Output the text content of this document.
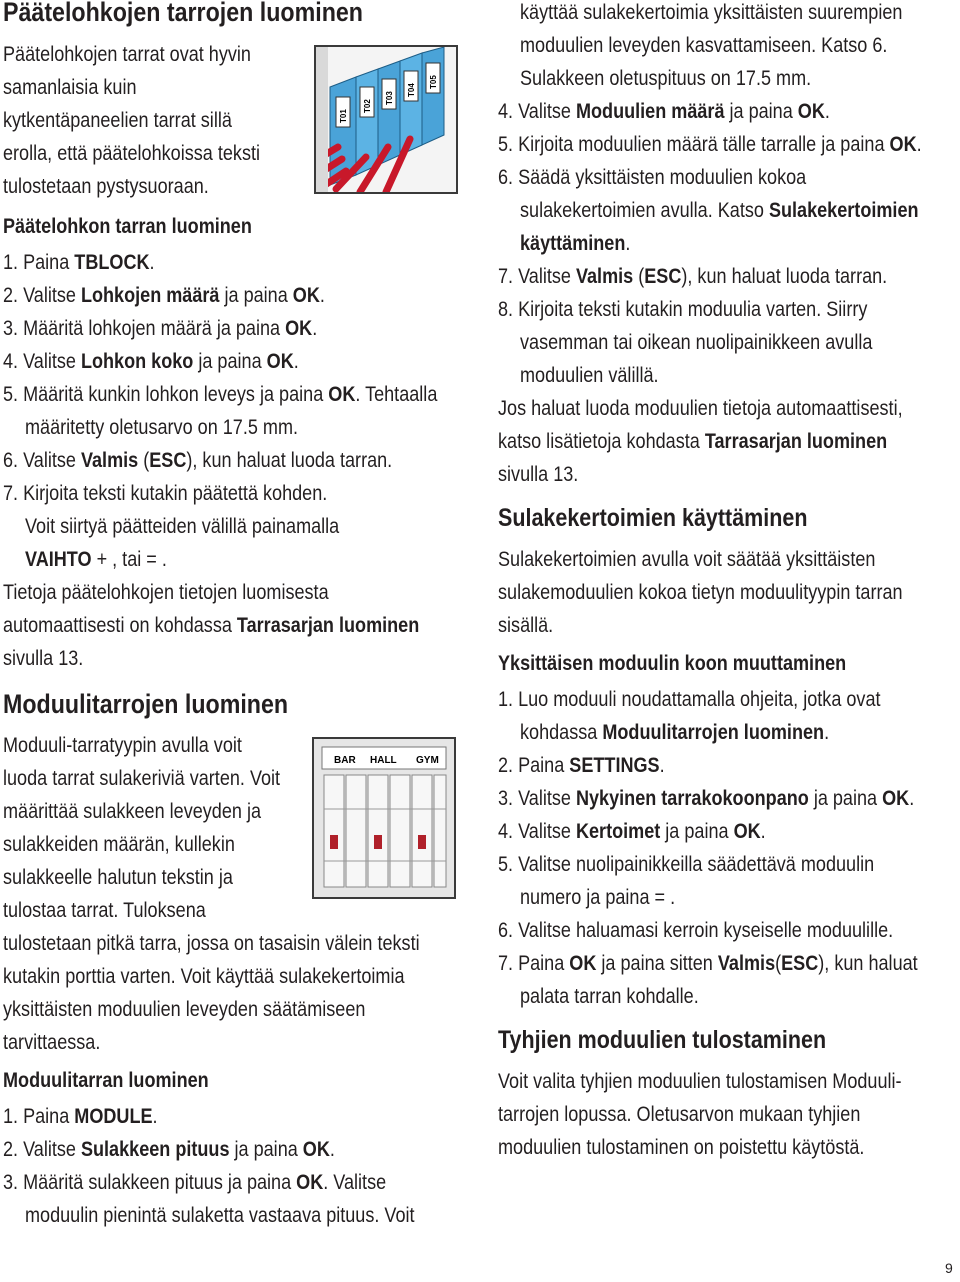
Päätelohkojen tarrojen luominen
Päätelohkojen tarrat ovat hyvin
samanlaisia kuin
kytkentäpaneelien tarrat sillä
erolla, että päätelohkoissa teksti
tulostetaan pystysuoraan.
Päätelohkon tarran luominen
1. Paina TBLOCK.
2. Valitse Lohkojen määrä ja paina OK.
3. Määritä lohkojen määrä ja paina OK.
4. Valitse Lohkon koko ja paina OK.
5. Määritä kunkin lohkon leveys ja paina OK. Tehtaalla
määritetty oletusarvo on 17.5 mm.
6. Valitse Valmis (ESC), kun haluat luoda tarran.
7. Kirjoita teksti kutakin päätettä kohden.
Voit siirtyä päätteiden välillä painamalla
VAIHTO + , tai = .
Tietoja päätelohkojen tietojen luomisesta
automaattisesti on kohdassa Tarrasarjan luominen
sivulla 13.
Moduulitarrojen luominen
Moduuli-tarratyypin avulla voit
luoda tarrat sulakeriviä varten. Voit
määrittää sulakkeen leveyden ja
sulakkeiden määrän, kullekin
sulakkeelle halutun tekstin ja
tulostaa tarrat. Tuloksena
tulostetaan pitkä tarra, jossa on tasaisin välein teksti
kutakin porttia varten. Voit käyttää sulakekertoimia
yksittäisten moduulien leveyden säätämiseen
tarvittaessa.
Moduulitarran luominen
1. Paina MODULE.
2. Valitse Sulakkeen pituus ja paina OK.
3. Määritä sulakkeen pituus ja paina OK. Valitse
moduulin pienintä sulaketta vastaava pituus. Voit
T01
T02
T03
T04
T05
BAR HALL GYM
käyttää sulakekertoimia yksittäisten suurempien
moduulien leveyden kasvattamiseen. Katso 6.
Sulakkeen oletuspituus on 17.5 mm.
4. Valitse Moduulien määrä ja paina OK.
5. Kirjoita moduulien määrä tälle tarralle ja paina OK.
6. Säädä yksittäisten moduulien kokoa
sulakekertoimien avulla. Katso Sulakekertoimien
käyttäminen.
7. Valitse Valmis (ESC), kun haluat luoda tarran.
8. Kirjoita teksti kutakin moduulia varten. Siirry
vasemman tai oikean nuolipainikkeen avulla
moduulien välillä.
Jos haluat luoda moduulien tietoja automaattisesti,
katso lisätietoja kohdasta Tarrasarjan luominen
sivulla 13.
Sulakekertoimien käyttäminen
Sulakekertoimien avulla voit säätää yksittäisten
sulakemoduulien kokoa tietyn moduulityypin tarran
sisällä.
Yksittäisen moduulin koon muuttaminen
1. Luo moduuli noudattamalla ohjeita, jotka ovat
kohdassa Moduulitarrojen luominen.
2. Paina SETTINGS.
3. Valitse Nykyinen tarrakokoonpano ja paina OK.
4. Valitse Kertoimet ja paina OK.
5. Valitse nuolipainikkeilla säädettävä moduulin
numero ja paina = .
6. Valitse haluamasi kerroin kyseiselle moduulille.
7. Paina OK ja paina sitten Valmis(ESC), kun haluat
palata tarran kohdalle.
Tyhjien moduulien tulostaminen
Voit valita tyhjien moduulien tulostamisen Moduuli-
tarrojen lopussa. Oletusarvon mukaan tyhjien
moduulien tulostaminen on poistettu käytöstä.
9
